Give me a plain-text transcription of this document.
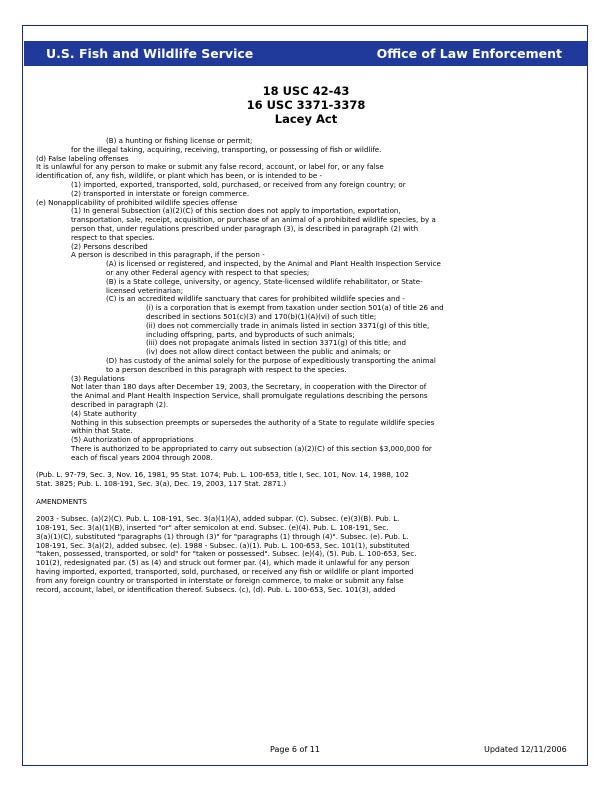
U.S. Fish and Wildlife Service	Office of Law Enforcement
18 USC 42-43
16 USC 3371-3378
Lacey Act
(B) a hunting or fishing license or permit;
for the illegal taking, acquiring, receiving, transporting, or possessing of fish or wildlife.
(d) False labeling offenses
It is unlawful for any person to make or submit any false record, account, or label for, or any false
identification of, any fish, wildlife, or plant which has been, or is intended to be -
(1) imported, exported, transported, sold, purchased, or received from any foreign country; or
(2) transported in interstate or foreign commerce.
(e) Nonapplicability of prohibited wildlife species offense
(1) In general Subsection (a)(2)(C) of this section does not apply to importation, exportation,
transportation, sale, receipt, acquisition, or purchase of an animal of a prohibited wildlife species, by a
person that, under regulations prescribed under paragraph (3), is described in paragraph (2) with
respect to that species.
(2) Persons described
A person is described in this paragraph, if the person -
(A) is licensed or registered, and inspected, by the Animal and Plant Health Inspection Service
or any other Federal agency with respect to that species;
(B) is a State college, university, or agency, State-licensed wildlife rehabilitator, or State-
licensed veterinarian;
(C) is an accredited wildlife sanctuary that cares for prohibited wildlife species and -
(i) is a corporation that is exempt from taxation under section 501(a) of title 26 and
described in sections 501(c)(3) and 170(b)(1)(A)(vi) of such title;
(ii) does not commercially trade in animals listed in section 3371(g) of this title,
including offspring, parts, and byproducts of such animals;
(iii) does not propagate animals listed in section 3371(g) of this title; and
(iv) does not allow direct contact between the public and animals; or
(D) has custody of the animal solely for the purpose of expeditiously transporting the animal
to a person described in this paragraph with respect to the species.
(3) Regulations
Not later than 180 days after December 19, 2003, the Secretary, in cooperation with the Director of
the Animal and Plant Health Inspection Service, shall promulgate regulations describing the persons
described in paragraph (2).
(4) State authority
Nothing in this subsection preempts or supersedes the authority of a State to regulate wildlife species
within that State.
(5) Authorization of appropriations
There is authorized to be appropriated to carry out subsection (a)(2)(C) of this section $3,000,000 for
each of fiscal years 2004 through 2008.
(Pub. L. 97-79, Sec. 3, Nov. 16, 1981, 95 Stat. 1074; Pub. L. 100-653, title I, Sec. 101, Nov. 14, 1988, 102
Stat. 3825; Pub. L. 108-191, Sec. 3(a), Dec. 19, 2003, 117 Stat. 2871.)
AMENDMENTS
2003 - Subsec. (a)(2)(C). Pub. L. 108-191, Sec. 3(a)(1)(A), added subpar. (C). Subsec. (e)(3)(B). Pub. L.
108-191, Sec. 3(a)(1)(B), inserted "or" after semicolon at end. Subsec. (e)(4). Pub. L. 108-191, Sec.
3(a)(1)(C), substituted "paragraphs (1) through (3)" for "paragraphs (1) through (4)". Subsec. (e). Pub. L.
108-191, Sec. 3(a)(2), added subsec. (e). 1988 - Subsec. (a)(1). Pub. L. 100-653, Sec. 101(1), substituted
"taken, possessed, transported, or sold" for "taken or possessed". Subsec. (e)(4), (5). Pub. L. 100-653, Sec.
101(2), redesignated par. (5) as (4) and struck out former par. (4), which made it unlawful for any person
having imported, exported, transported, sold, purchased, or received any fish or wildlife or plant imported
from any foreign country or transported in interstate or foreign commerce, to make or submit any false
record, account, label, or identification thereof. Subsecs. (c), (d). Pub. L. 100-653, Sec. 101(3), added
Page 6 of 11	Updated 12/11/2006
